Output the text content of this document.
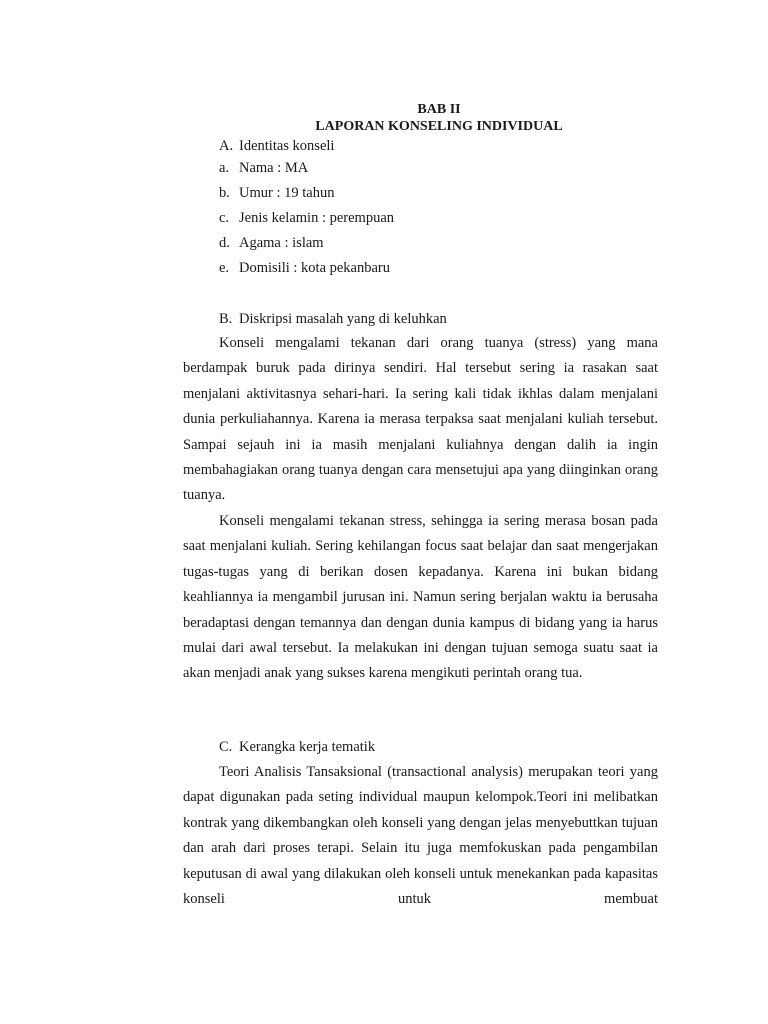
BAB II
LAPORAN KONSELING INDIVIDUAL
A. Identitas konseli
a. Nama : MA
b. Umur : 19 tahun
c. Jenis kelamin : perempuan
d. Agama : islam
e. Domisili : kota pekanbaru
B. Diskripsi masalah yang di keluhkan

Konseli mengalami tekanan dari orang tuanya (stress) yang mana berdampak buruk pada dirinya sendiri. Hal tersebut sering ia rasakan saat menjalani aktivitasnya sehari-hari. Ia sering kali tidak ikhlas dalam menjalani dunia perkuliahannya. Karena ia merasa terpaksa saat menjalani kuliah tersebut. Sampai sejauh ini ia masih menjalani kuliahnya dengan dalih ia ingin membahagiakan orang tuanya dengan cara mensetujui apa yang diinginkan orang tuanya.

Konseli mengalami tekanan stress, sehingga ia sering merasa bosan pada saat menjalani kuliah. Sering kehilangan focus saat belajar dan saat mengerjakan tugas-tugas yang di berikan dosen kepadanya. Karena ini bukan bidang keahliannya ia mengambil jurusan ini. Namun sering berjalan waktu ia berusaha beradaptasi dengan temannya dan dengan dunia kampus di bidang yang ia harus mulai dari awal tersebut. Ia melakukan ini dengan tujuan semoga suatu saat ia akan menjadi anak yang sukses karena mengikuti perintah orang tua.

C. Kerangka kerja tematik

Teori Analisis Tansaksional (transactional analysis) merupakan teori yang dapat digunakan pada seting individual maupun kelompok.Teori ini melibatkan kontrak yang dikembangkan oleh konseli yang dengan jelas menyebuttkan tujuan dan arah dari proses terapi. Selain itu juga memfokuskan pada pengambilan keputusan di awal yang dilakukan oleh konseli untuk menekankan pada kapasitas konseli untuk membuat
